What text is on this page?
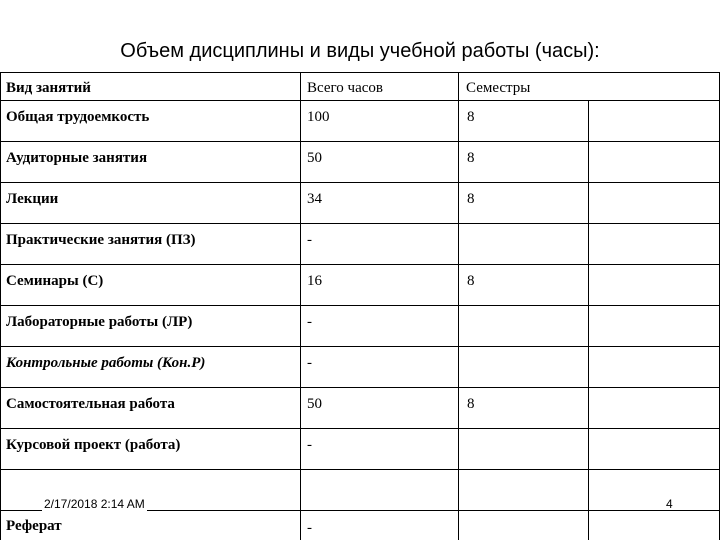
Объем дисциплины и виды учебной работы (часы):
Вид занятий	Всего часов	Семестры
Общая трудоемкость	100	8
Аудиторные занятия	50	8
Лекции	34	8
Практические занятия (ПЗ)	-
Семинары (С)	16	8
Лабораторные работы (ЛР)	-
Контрольные работы (Кон.Р)	-
Самостоятельная работа	50	8
Курсовой проект (работа)	-
Реферат	-
2/17/2018 2:14 AM	4
